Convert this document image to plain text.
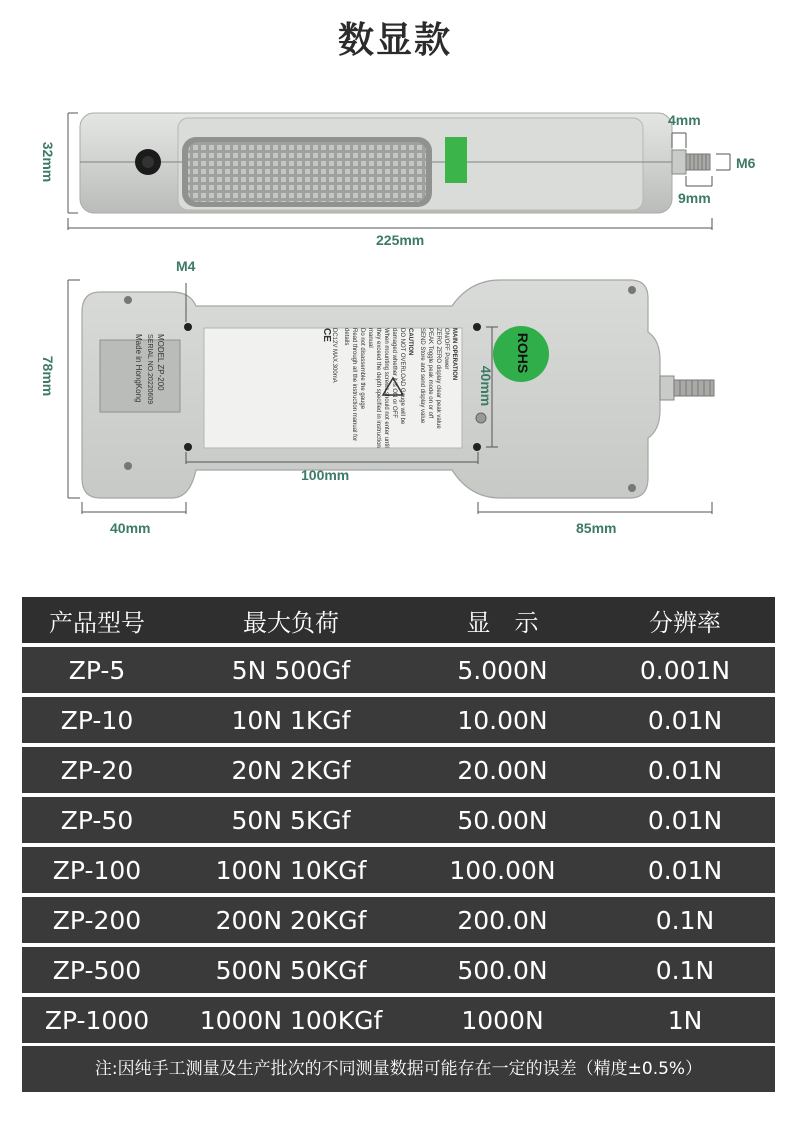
数显款
32mm
225mm
4mm
M6
9mm
M4
78mm
100mm
40mm
40mm	85mm
ROHS
MODEL ZP-200
SERIAL NO.20220609
Made in HongKong	MAIN OPERATION
ON/OFF Power
ZERO ZERO display clear peak value
PEAK Toggle peak mode on or off
SEND Store and send display value
CAUTION
DO NOT OVERLOAD Gauge will be damaged whether it is ON or OFF
When mounting screws should not enter until they exceed the depth specified in instruction manual
Do not disassemble the gauge
Read through all the instruction manual for details
DC12V MAX.300mA
CE
产品型号	最大负荷	显　示	分辨率
ZP-5	5N 500Gf	5.000N	0.001N
ZP-10	10N 1KGf	10.00N	0.01N
ZP-20	20N 2KGf	20.00N	0.01N
ZP-50	50N 5KGf	50.00N	0.01N
ZP-100	100N 10KGf	100.00N	0.01N
ZP-200	200N 20KGf	200.0N	0.1N
ZP-500	500N 50KGf	500.0N	0.1N
ZP-1000	1000N 100KGf	1000N	1N
注:因纯手工测量及生产批次的不同测量数据可能存在一定的误差（精度±0.5%）
